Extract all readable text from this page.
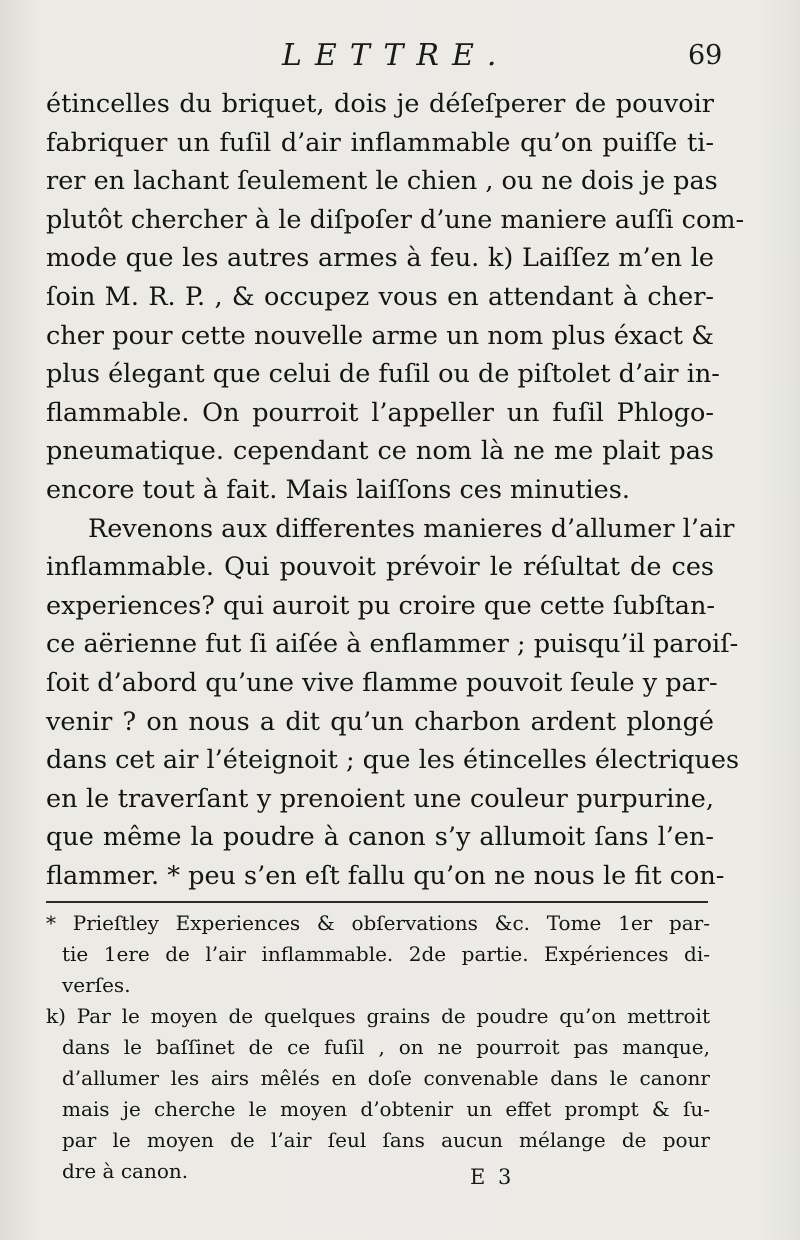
LETTRE.	69
étincelles du briquet, dois je déſeſperer de pouvoir
fabriquer un fuſil d’air inflammable qu’on puiſſe ti-
rer en lachant ſeulement le chien , ou ne dois je pas
plutôt chercher à le diſpoſer d’une maniere auſſi com-
mode que les autres armes à feu. k) Laiſſez m’en le
ſoin M. R. P. , & occupez vous en attendant à cher-
cher pour cette nouvelle arme un nom plus éxact &
plus élegant que celui de fuſil ou de piſtolet d’air in-
flammable. On pourroit l’appeller un fuſil Phlogo-
pneumatique. cependant ce nom là ne me plait pas
encore tout à fait. Mais laiſſons ces minuties.
Revenons aux differentes manieres d’allumer l’air
inflammable. Qui pouvoit prévoir le réſultat de ces
experiences? qui auroit pu croire que cette ſubſtan-
ce aërienne fut ſi aiſée à enflammer ; puisqu’il paroiſ-
ſoit d’abord qu’une vive flamme pouvoit ſeule y par-
venir ? on nous a dit qu’un charbon ardent plongé
dans cet air l’éteignoit ; que les étincelles électriques
en le traverſant y prenoient une couleur purpurine,
que même la poudre à canon s’y allumoit ſans l’en-
flammer. * peu s’en eſt fallu qu’on ne nous le fit con-
* Prieſtley Experiences & obſervations &c. Tome 1er par-
tie 1ere de l’air inflammable. 2de partie. Expériences di-
verſes.
k) Par le moyen de quelques grains de poudre qu’on mettroit
dans le baſſinet de ce fuſil , on ne pourroit pas manque,
d’allumer les airs mêlés en doſe convenable dans le canonr
mais je cherche le moyen d’obtenir un effet prompt & ſu-
par le moyen de l’air ſeul ſans aucun mélange de pour
dre à canon.	E 3
